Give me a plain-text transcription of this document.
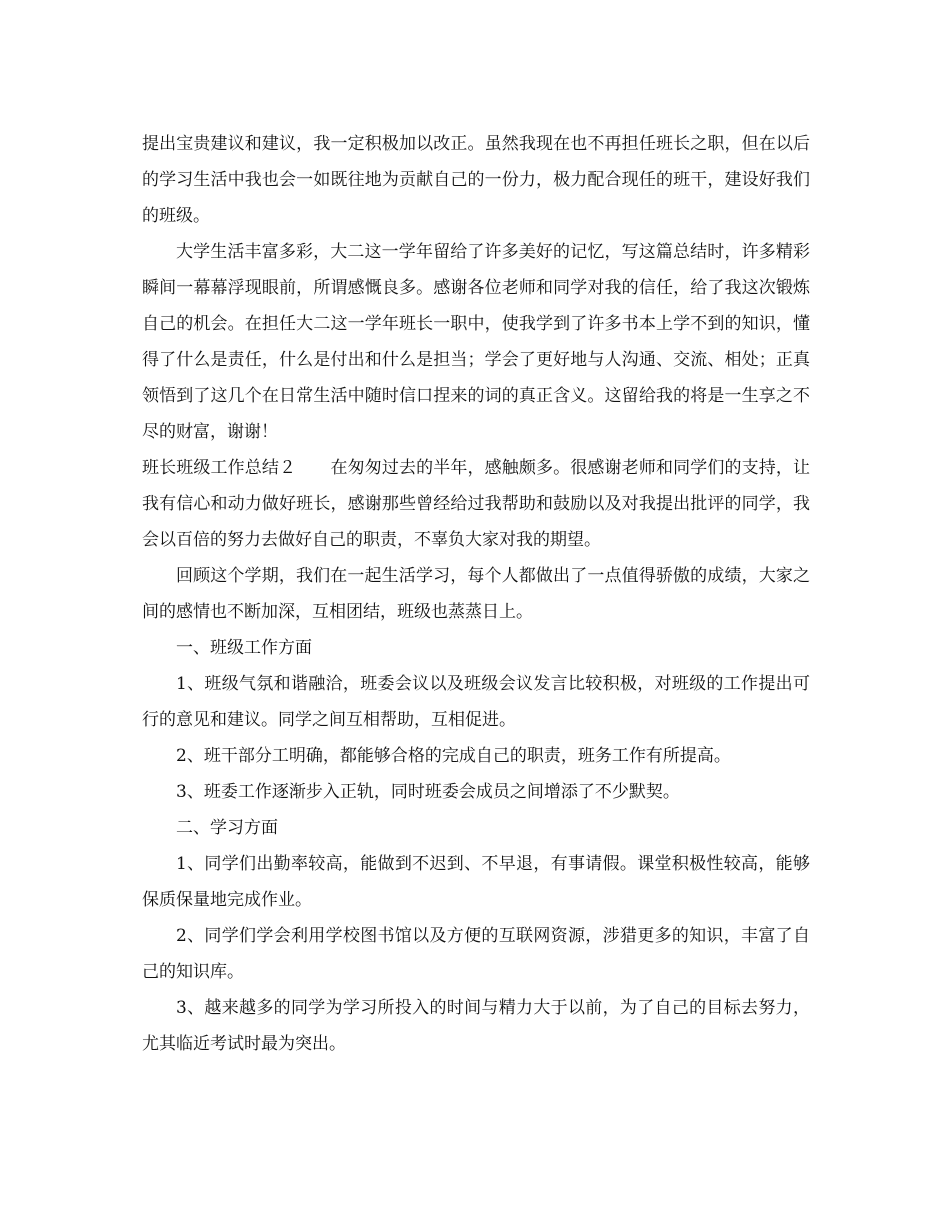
提出宝贵建议和建议，我一定积极加以改正。虽然我现在也不再担任班长之职，但在以后的学习生活中我也会一如既往地为贡献自己的一份力，极力配合现任的班干，建设好我们的班级。

大学生活丰富多彩，大二这一学年留给了许多美好的记忆，写这篇总结时，许多精彩瞬间一幕幕浮现眼前，所谓感慨良多。感谢各位老师和同学对我的信任，给了我这次锻炼自己的机会。在担任大二这一学年班长一职中，使我学到了许多书本上学不到的知识，懂得了什么是责任，什么是付出和什么是担当；学会了更好地与人沟通、交流、相处；正真领悟到了这几个在日常生活中随时信口捏来的词的真正含义。这留给我的将是一生享之不尽的财富，谢谢！

班长班级工作总结２　　在匆匆过去的半年，感触颇多。很感谢老师和同学们的支持，让我有信心和动力做好班长，感谢那些曾经给过我帮助和鼓励以及对我提出批评的同学，我会以百倍的努力去做好自己的职责，不辜负大家对我的期望。

回顾这个学期，我们在一起生活学习，每个人都做出了一点值得骄傲的成绩，大家之间的感情也不断加深，互相团结，班级也蒸蒸日上。

一、班级工作方面

1、班级气氛和谐融洽，班委会议以及班级会议发言比较积极，对班级的工作提出可行的意见和建议。同学之间互相帮助，互相促进。

2、班干部分工明确，都能够合格的完成自己的职责，班务工作有所提高。

3、班委工作逐渐步入正轨，同时班委会成员之间增添了不少默契。

二、学习方面

1、同学们出勤率较高，能做到不迟到、不早退，有事请假。课堂积极性较高，能够保质保量地完成作业。

2、同学们学会利用学校图书馆以及方便的互联网资源，涉猎更多的知识，丰富了自己的知识库。

3、越来越多的同学为学习所投入的时间与精力大于以前，为了自己的目标去努力，尤其临近考试时最为突出。
